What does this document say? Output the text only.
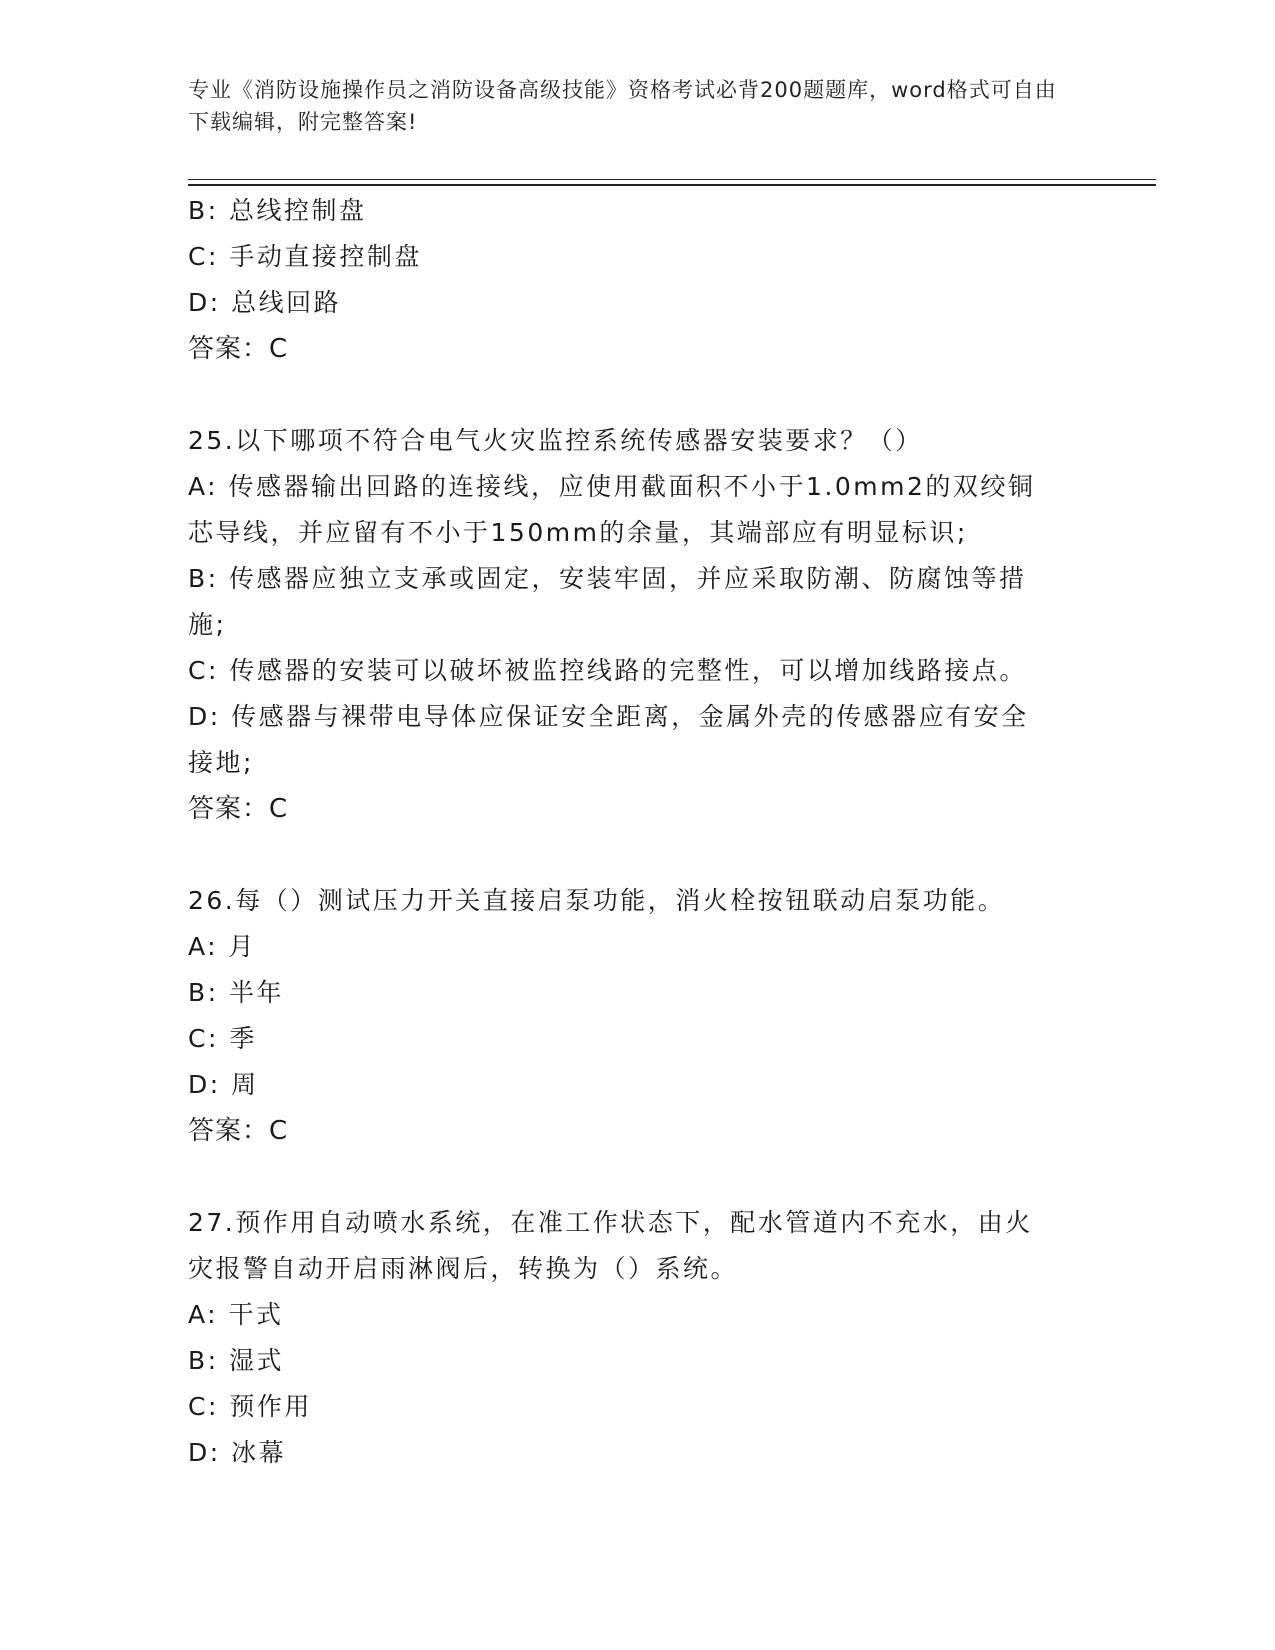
专业《消防设施操作员之消防设备高级技能》资格考试必背200题题库，word格式可自由下载编辑，附完整答案!
B: 总线控制盘
C: 手动直接控制盘
D: 总线回路
答案：C
25.以下哪项不符合电气火灾监控系统传感器安装要求？（）
A: 传感器输出回路的连接线，应使用截面积不小于1.0mm2的双绞铜
芯导线，并应留有不小于150mm的余量，其端部应有明显标识;
B: 传感器应独立支承或固定，安装牢固，并应采取防潮、防腐蚀等措
施;
C: 传感器的安装可以破坏被监控线路的完整性，可以增加线路接点。
D: 传感器与裸带电导体应保证安全距离，金属外壳的传感器应有安全
接地;
答案：C
26.每（）测试压力开关直接启泵功能，消火栓按钮联动启泵功能。
A: 月
B: 半年
C: 季
D: 周
答案：C
27.预作用自动喷水系统，在准工作状态下，配水管道内不充水，由火
灾报警自动开启雨淋阀后，转换为（）系统。
A: 干式
B: 湿式
C: 预作用
D: 冰幕
